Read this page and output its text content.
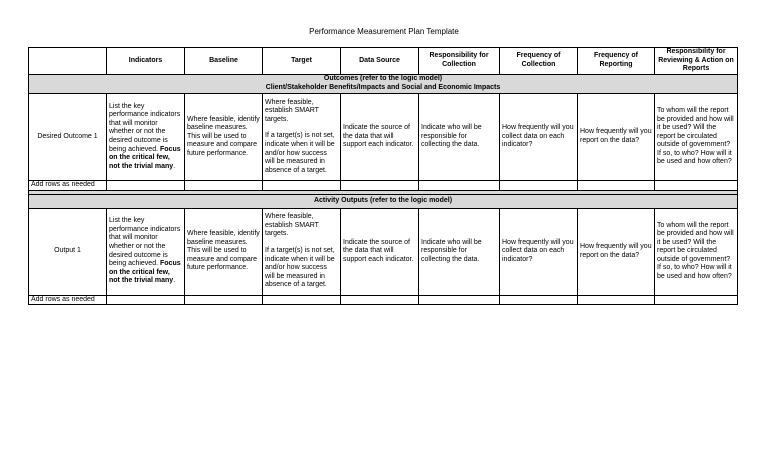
Performance Measurement Plan Template
	Indicators	Baseline	Target	Data Source	Responsibility for Collection	Frequency of Collection	Frequency of Reporting	Responsibility for Reviewing & Action on Reports

Outcomes (refer to the logic model)
Client/Stakeholder Benefits/Impacts and Social and Economic Impacts								

Desired Outcome 1	List the key performance indicators that will monitor whether or not the desired outcome is being achieved. Focus on the critical few, not the trivial many.	Where feasible, identify baseline measures. This will be used to measure and compare future performance.	Where feasible, establish SMART targets.
If a target(s) is not set, indicate when it will be and/or how success will be measured in absence of a target.	Indicate the source of the data that will support each indicator.	Indicate who will be responsible for collecting the data.	How frequently will you collect data on each indicator?	How frequently will you report on the data?	To whom will the report be provided and how will it be used? Will the report be circulated outside of government? If so, to who? How will it be used and how often?
Add rows as needed								

Activity Outputs (refer to the logic model)								
Output 1	List the key performance indicators that will monitor whether or not the desired outcome is being achieved. Focus on the critical few, not the trivial many.	Where feasible, identify baseline measures. This will be used to measure and compare future performance.	Where feasible, establish SMART targets.
If a target(s) is not set, indicate when it will be and/or how success will be measured in absence of a target.	Indicate the source of the data that will support each indicator.	Indicate who will be responsible for collecting the data.	How frequently will you collect data on each indicator?	How frequently will you report on the data?	To whom will the report be provided and how will it be used? Will the report be circulated outside of government? If so, to who? How will it be used and how often?
Add rows as needed								
